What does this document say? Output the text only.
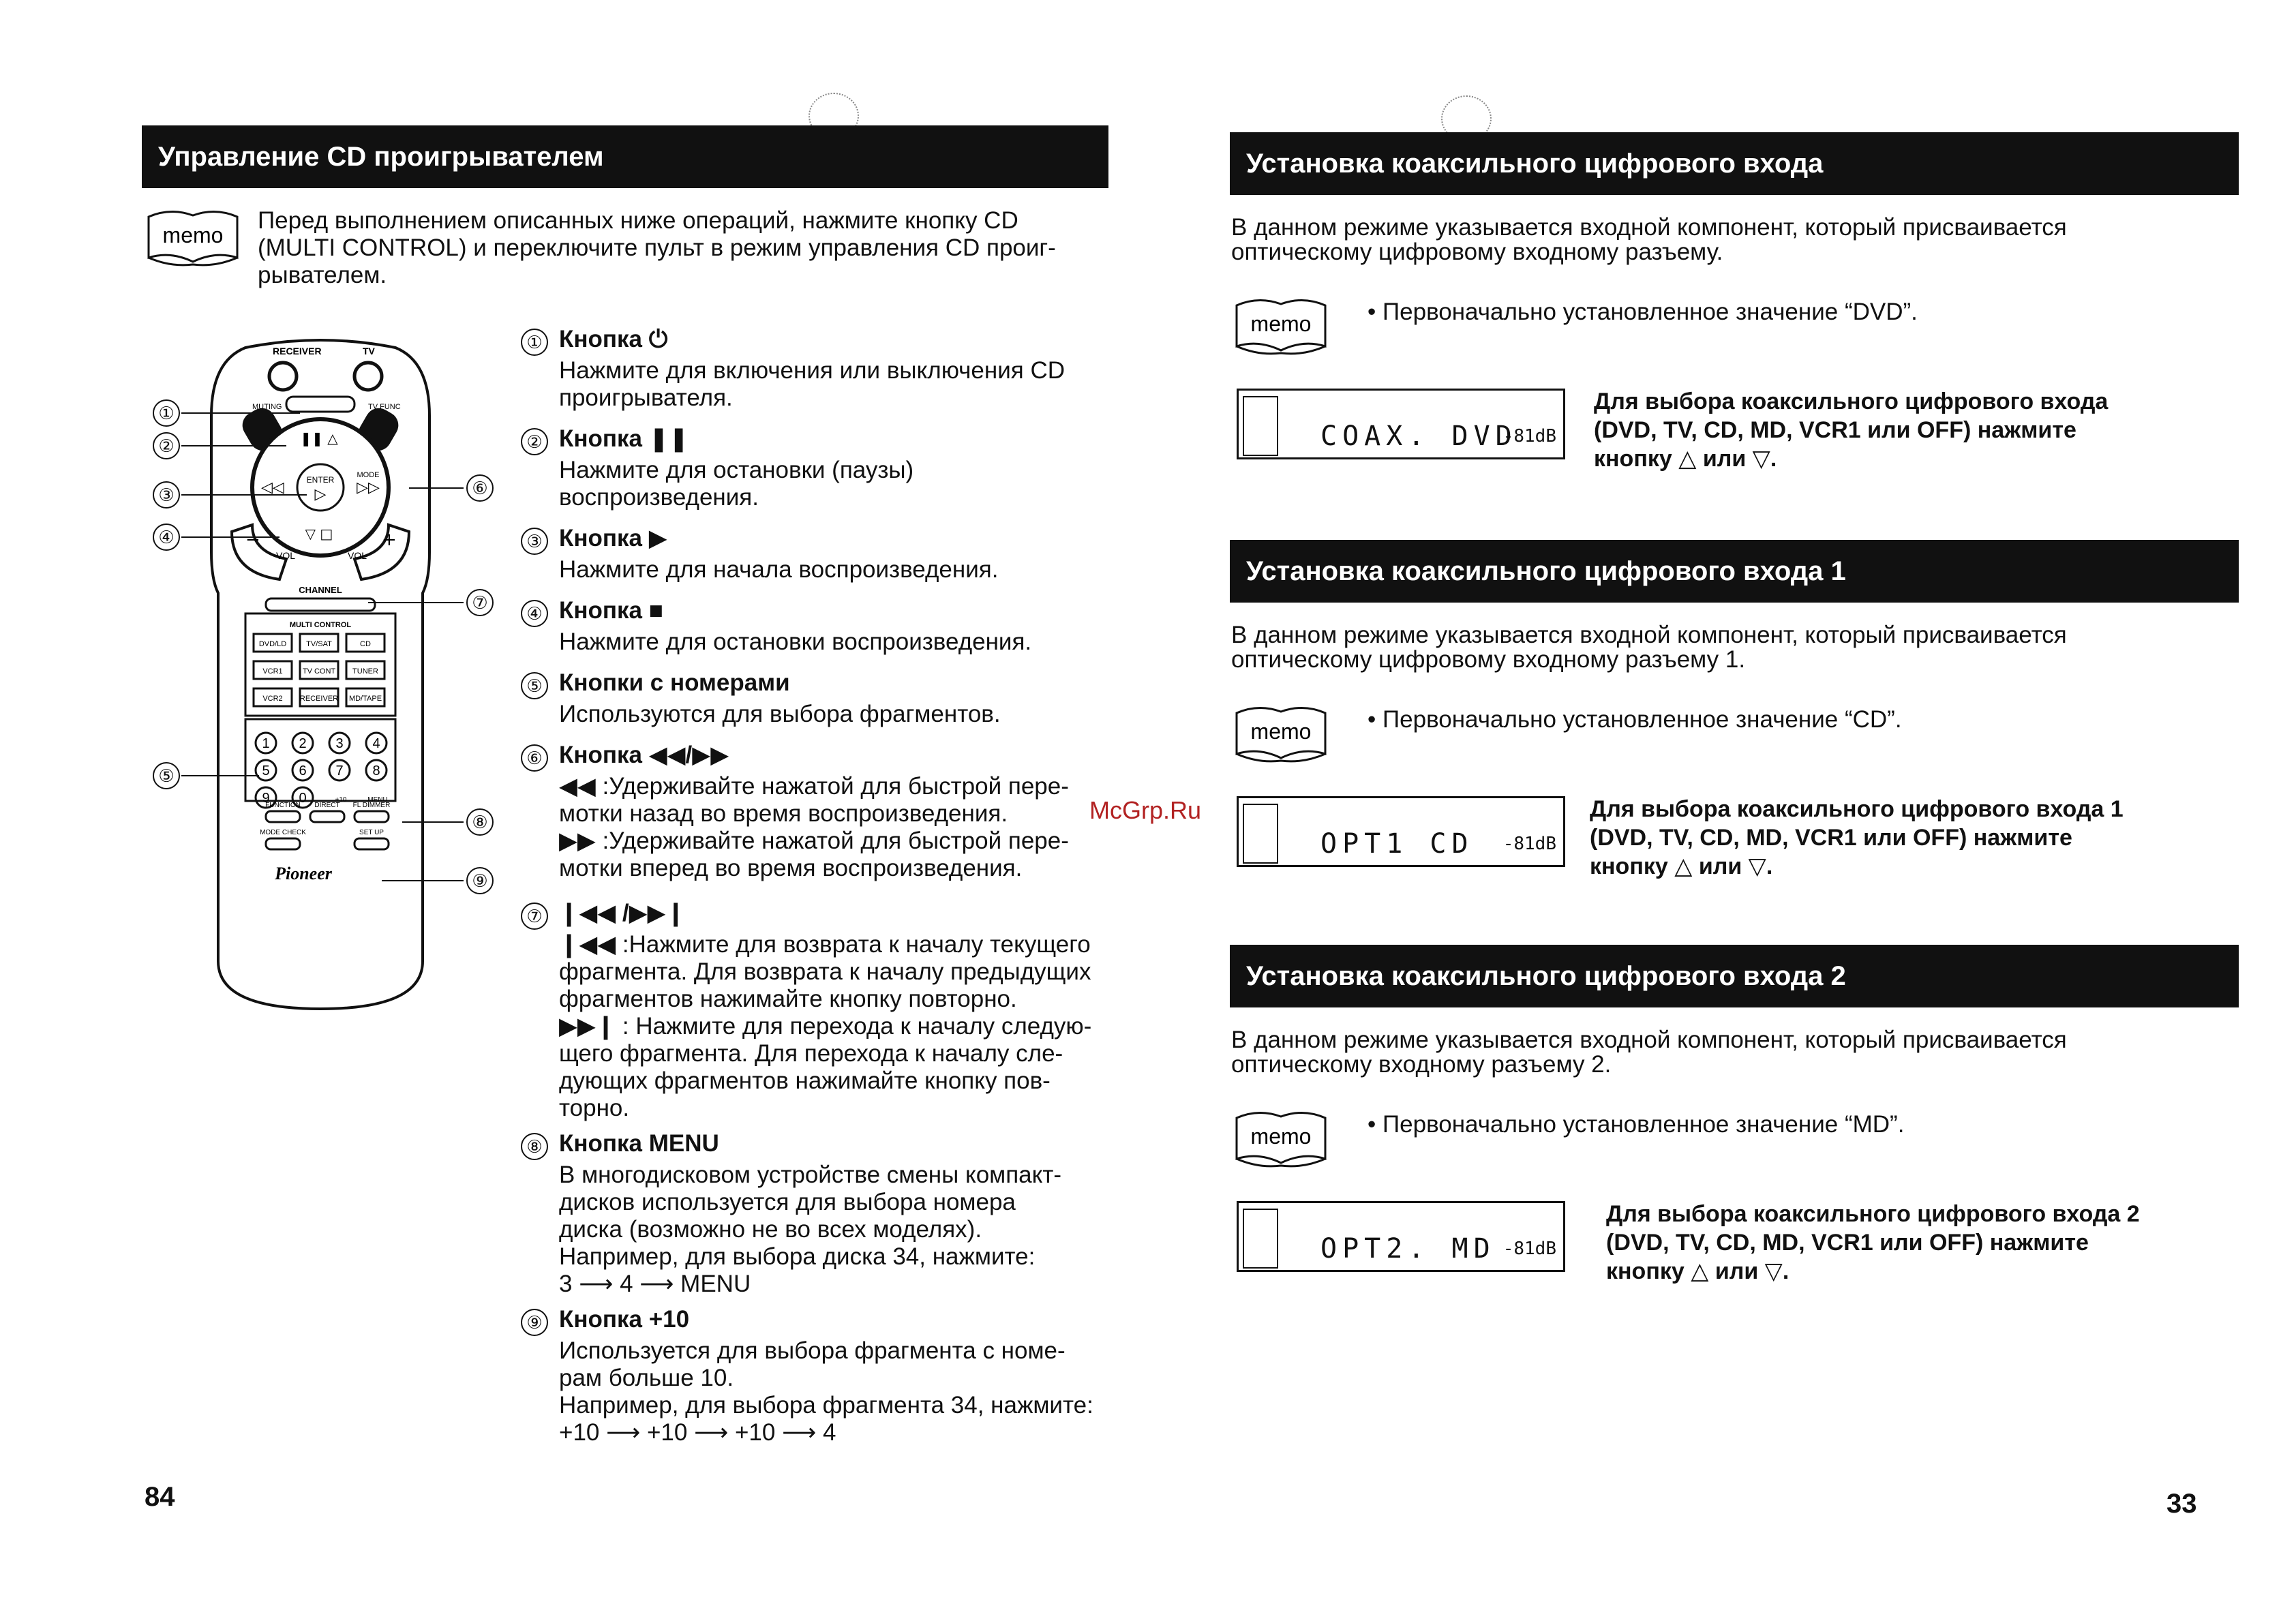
Управление CD проигрывателем
memo
Перед выполнением описанных ниже операций, нажмите кнопку CD
(MULTI CONTROL) и переключите пульт в режим управления CD проиг-
рывателем.
RECEIVER	TV
ENTER
▷
❚❚ △
▽ □
◁◁	▷▷
MODE
−	+
VOL	VOL
CHANNEL
MULTI CONTROL
DVD/LD	TV/SAT	CD
VCR1	TV CONT TUNER
VCR2 RECEIVER MD/TAPE
1 2 3 4
5 6 7 8
9 0	MENU
+10
MUTING	TV FUNC
FUNCTION DIRECT FL DIMMER
MODE CHECK	SET UP
Pioneer
①
②
③
④
⑤
⑥
⑦
⑧
⑨
① Кнопка ⏻
Нажмите для включения или выключения CD
проигрывателя.
② Кнопка ❚❚
Нажмите для остановки (паузы)
воспроизведения.
③ Кнопка ▶
Нажмите для начала воспроизведения.
④ Кнопка ■
Нажмите для остановки воспроизведения.
⑤ Кнопки с номерами
Используются для выбора фрагментов.
⑥ Кнопка ◀◀/▶▶
◀◀ :Удерживайте нажатой для быстрой пере-
мотки назад во время воспроизведения.
▶▶ :Удерживайте нажатой для быстрой пере-
мотки вперед во время воспроизведения.
⑦ ❙◀◀ /▶▶❙
❙◀◀ :Нажмите для возврата к началу текущего
фрагмента. Для возврата к началу предыдущих
фрагментов нажимайте кнопку повторно.
▶▶❙ : Нажмите для перехода к началу следую-
щего фрагмента. Для перехода к началу сле-
дующих фрагментов нажимайте кнопку пов-
торно.
⑧ Кнопка MENU
В многодисковом устройстве смены компакт-
дисков используется для выбора номера
диска (возможно не во всех моделях).
Например, для выбора диска 34, нажмите:
3 ⟶ 4 ⟶ MENU
⑨ Кнопка +10
Используется для выбора фрагмента с номе-
рам больше 10.
Например, для выбора фрагмента 34, нажмите:
+10 ⟶ +10 ⟶ +10 ⟶ 4
84
Установка коаксильного цифрового входа
В данном режиме указывается входной компонент, который присваивается
оптическому цифровому входному разъему.
memo • Первоначально установленное значение “DVD”.
COAX. DVD
-81dB
Для выбора коаксильного цифрового входа
(DVD, TV, CD, MD, VCR1 или OFF) нажмите
кнопку △ или ▽.
Установка коаксильного цифрового входа 1
В данном режиме указывается входной компонент, который присваивается
оптическому цифровому входному разъему 1.
memo • Первоначально установленное значение “CD”.
OPT1 CD -81dB
Для выбора коаксильного цифрового входа 1
(DVD, TV, CD, MD, VCR1 или OFF) нажмите
кнопку △ или ▽.
Установка коаксильного цифрового входа 2
В данном режиме указывается входной компонент, который присваивается
оптическому входному разъему 2.
memo • Первоначально установленное значение “MD”.
OPT2. MD -81dB
Для выбора коаксильного цифрового входа 2
(DVD, TV, CD, MD, VCR1 или OFF) нажмите
кнопку △ или ▽.
McGrp.Ru
33
